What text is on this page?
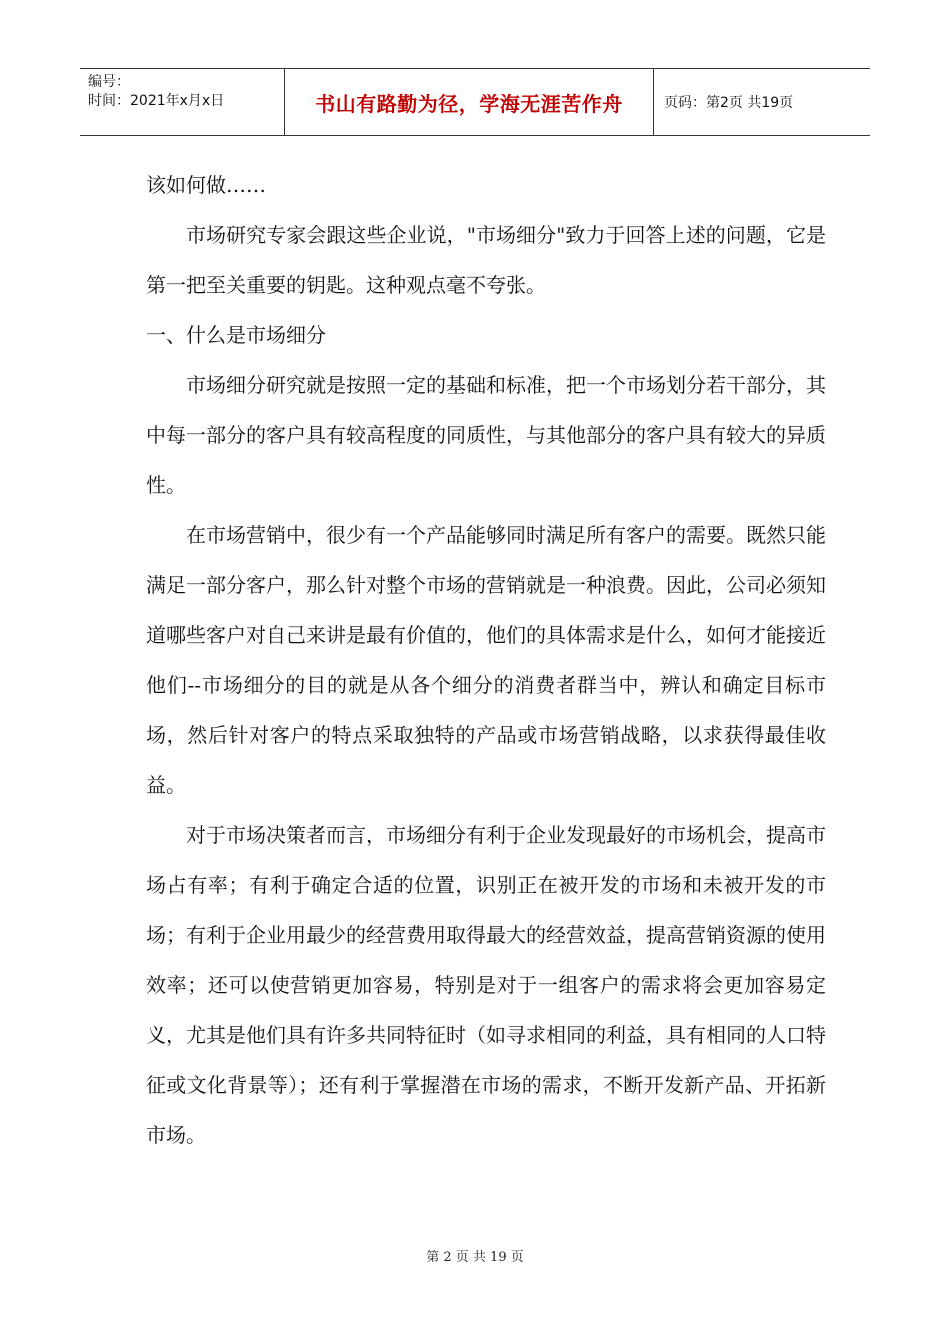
编号：
时间：2021年x月x日	书山有路勤为径，学海无涯苦作舟	页码：第2页 共19页

该如何做……

市场研究专家会跟这些企业说，"市场细分"致力于回答上述的问题，它是第一把至关重要的钥匙。这种观点毫不夸张。

一、什么是市场细分

市场细分研究就是按照一定的基础和标准，把一个市场划分若干部分，其中每一部分的客户具有较高程度的同质性，与其他部分的客户具有较大的异质性。

在市场营销中，很少有一个产品能够同时满足所有客户的需要。既然只能满足一部分客户，那么针对整个市场的营销就是一种浪费。因此，公司必须知道哪些客户对自己来讲是最有价值的，他们的具体需求是什么，如何才能接近他们--市场细分的目的就是从各个细分的消费者群当中，辨认和确定目标市场，然后针对客户的特点采取独特的产品或市场营销战略，以求获得最佳收益。

对于市场决策者而言，市场细分有利于企业发现最好的市场机会，提高市场占有率；有利于确定合适的位置，识别正在被开发的市场和未被开发的市场；有利于企业用最少的经营费用取得最大的经营效益，提高营销资源的使用效率；还可以使营销更加容易，特别是对于一组客户的需求将会更加容易定义，尤其是他们具有许多共同特征时（如寻求相同的利益，具有相同的人口特征或文化背景等）；还有利于掌握潜在市场的需求，不断开发新产品、开拓新市场。

第 2 页 共 19 页
